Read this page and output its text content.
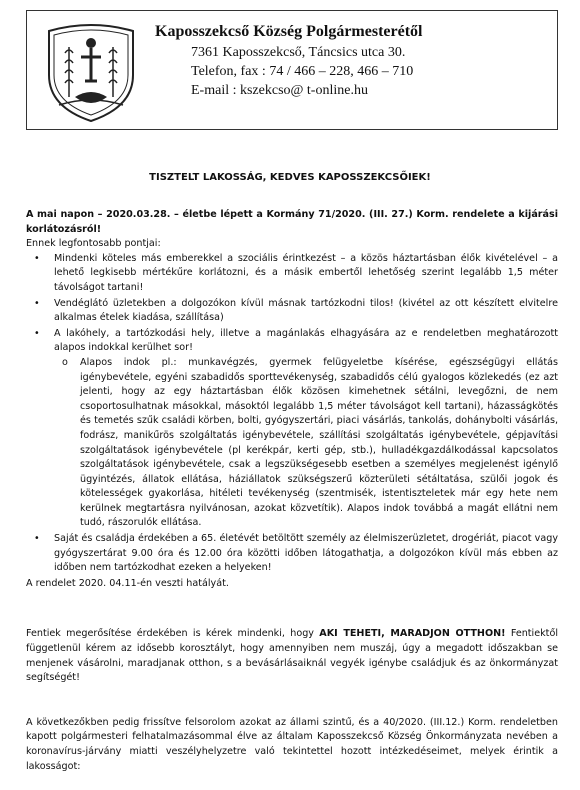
Kaposszekcső Község Polgármesterétől

7361 Kaposszekcső, Táncsics utca 30.

Telefon, fax : 74 / 466 – 228, 466 – 710

E-mail : kszekcso@ t-online.hu

TISZTELT LAKOSSÁG, KEDVES KAPOSSZEKCSŐIEK!

A mai napon – 2020.03.28. – életbe lépett a Kormány 71/2020. (III. 27.) Korm. rendelete a kijárási korlátozásról!

Ennek legfontosabb pontjai:

• Mindenki köteles más emberekkel a szociális érintkezést – a közös háztartásban élők kivételével – a lehető legkisebb mértékűre korlátozni, és a másik embertől lehetőség szerint legalább 1,5 méter távolságot tartani!
• Vendéglátó üzletekben a dolgozókon kívül másnak tartózkodni tilos! (kivétel az ott készített elvitelre alkalmas ételek kiadása, szállítása)
• A lakóhely, a tartózkodási hely, illetve a magánlakás elhagyására az e rendeletben meghatározott alapos indokkal kerülhet sor!
o Alapos indok pl.: munkavégzés, gyermek felügyeletbe kísérése, egészségügyi ellátás igénybevétele, egyéni szabadidős sporttevékenység, szabadidős célú gyalogos közlekedés (ez azt jelenti, hogy az egy háztartásban élők közösen kimehetnek sétálni, levegőzni, de nem csoportosulhatnak másokkal, másoktól legalább 1,5 méter távolságot kell tartani), házasságkötés és temetés szűk családi körben, bolti, gyógyszertári, piaci vásárlás, tankolás, dohánybolti vásárlás, fodrász, manikűrös szolgáltatás igénybevétele, szállítási szolgáltatás igénybevétele, gépjavítási szolgáltatások igénybevétele (pl kerékpár, kerti gép, stb.), hulladékgazdálkodással kapcsolatos szolgáltatások igénybevétele, csak a legszükségesebb esetben a személyes megjelenést igénylő ügyintézés, állatok ellátása, háziállatok szükségszerű közterületi sétáltatása, szülői jogok és kötelességek gyakorlása, hitéleti tevékenység (szentmisék, istentiszteletek már egy hete nem kerülnek megtartásra nyilvánosan, azokat közvetítik). Alapos indok továbbá a magát ellátni nem tudó, rászorulók ellátása.
• Saját és családja érdekében a 65. életévét betöltött személy az élelmiszerüzletet, drogériát, piacot vagy gyógyszertárat 9.00 óra és 12.00 óra közötti időben látogathatja, a dolgozókon kívül más ebben az időben nem tartózkodhat ezeken a helyeken!

A rendelet 2020. 04.11-én veszti hatályát.

Fentiek megerősítése érdekében is kérek mindenki, hogy AKI TEHETI, MARADJON OTTHON! Fentiektől függetlenül kérem az idősebb korosztályt, hogy amennyiben nem muszáj, úgy a megadott időszakban se menjenek vásárolni, maradjanak otthon, s a bevásárlásaiknál vegyék igénybe családjuk és az önkormányzat segítségét!

A következőkben pedig frissítve felsorolom azokat az állami szintű, és a 40/2020. (III.12.) Korm. rendeletben kapott polgármesteri felhatalmazásommal élve az általam Kaposszekcső Község Önkormányzata nevében a koronavírus-járvány miatti veszélyhelyzetre való tekintettel hozott intézkedéseimet, melyek érintik a lakosságot:
